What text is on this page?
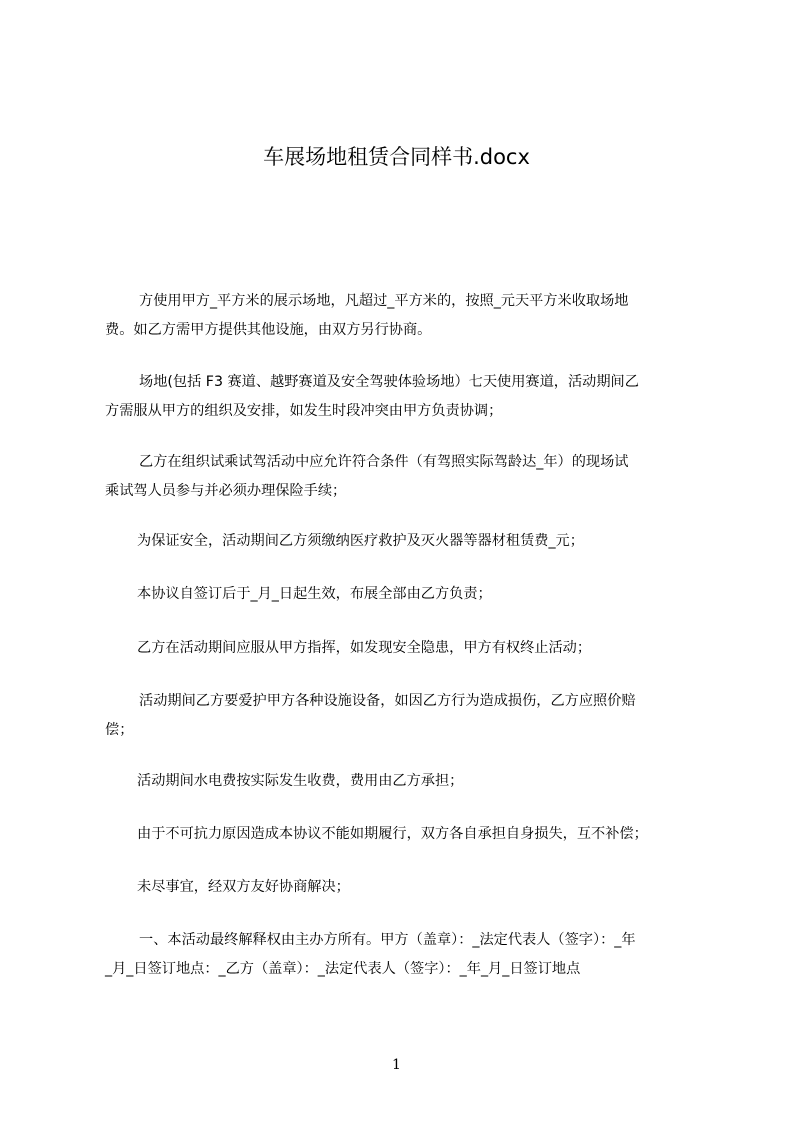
车展场地租赁合同样书.docx
方使用甲方_平方米的展示场地，凡超过_平方米的，按照_元天平方米收取场地
费。如乙方需甲方提供其他设施，由双方另行协商。
场地(包括 F3 赛道、越野赛道及安全驾驶体验场地）七天使用赛道，活动期间乙
方需服从甲方的组织及安排，如发生时段冲突由甲方负责协调；
乙方在组织试乘试驾活动中应允许符合条件（有驾照实际驾龄达_年）的现场试
乘试驾人员参与并必须办理保险手续；
为保证安全，活动期间乙方须缴纳医疗救护及灭火器等器材租赁费_元；
本协议自签订后于_月_日起生效，布展全部由乙方负责；
乙方在活动期间应服从甲方指挥，如发现安全隐患，甲方有权终止活动；
活动期间乙方要爱护甲方各种设施设备，如因乙方行为造成损伤，乙方应照价赔
偿；
活动期间水电费按实际发生收费，费用由乙方承担；
由于不可抗力原因造成本协议不能如期履行，双方各自承担自身损失，互不补偿；
未尽事宜，经双方友好协商解决；
一、本活动最终解释权由主办方所有。甲方（盖章）：_法定代表人（签字）：_年
_月_日签订地点：_乙方（盖章）：_法定代表人（签字）：_年_月_日签订地点
1
